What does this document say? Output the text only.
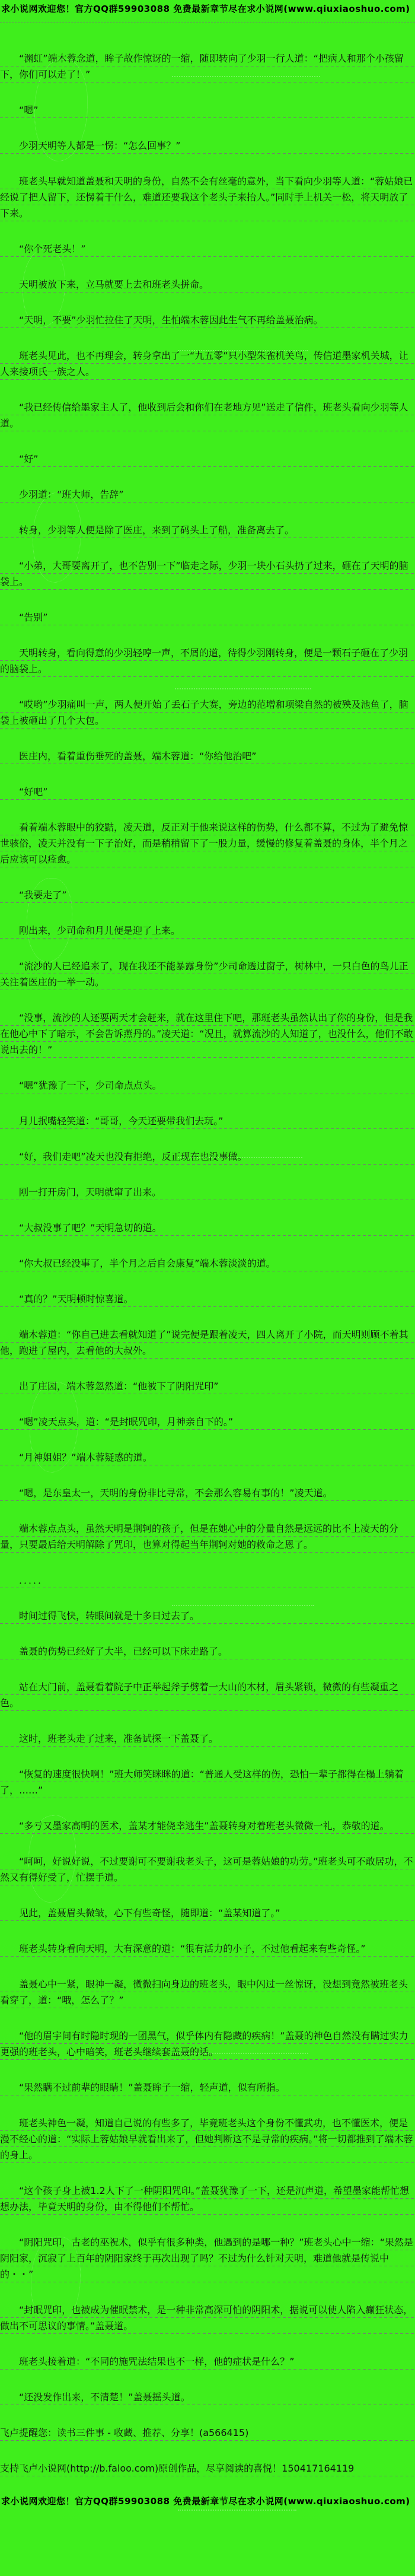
求小说网欢迎您！官方QQ群59903088 免费最新章节尽在求小说网(www.qiuxiaoshuo.com)

“渊虹”端木蓉念道，眸子故作惊讶的一缩，随即转向了少羽一行人道：“把病人和那个小孩留下，你们可以走了！”

“嗯”

少羽天明等人都是一愣：“怎么回事？”

班老头早就知道盖聂和天明的身份，自然不会有丝毫的意外，当下看向少羽等人道：“蓉姑娘已经说了把人留下，还愣着干什么，难道还要我这个老头子来抬人。”同时手上机关一松，将天明放了下来。

“你个死老头！”

天明被放下来，立马就要上去和班老头拼命。

“天明，不要”少羽忙拉住了天明，生怕端木蓉因此生气不再给盖聂治病。

班老头见此，也不再理会，转身拿出了一“九五零”只小型朱雀机关鸟，传信道墨家机关城，让人来接项氏一族之人。

“我已经传信给墨家主人了，他收到后会和你们在老地方见”送走了信件，班老头看向少羽等人道。

“好”

少羽道：“班大师，告辞”

转身，少羽等人便是除了医庄，来到了码头上了船，准备离去了。

“小弟，大哥要离开了，也不告别一下”临走之际，少羽一块小石头扔了过来，砸在了天明的脑袋上。

“告别”

天明转身，看向得意的少羽轻哼一声，不屑的道，待得少羽刚转身，便是一颗石子砸在了少羽的脑袋上。

“哎哟”少羽痛叫一声，两人便开始了丢石子大赛，旁边的范增和项梁自然的被殃及池鱼了，脑袋上被砸出了几个大包。

医庄内，看着重伤垂死的盖聂，端木蓉道：“你给他治吧”

“好吧”

看着端木蓉眼中的狡黠，凌天道，反正对于他来说这样的伤势，什么都不算，不过为了避免惊世骇俗，凌天并没有一下子治好，而是稍稍留下了一股力量，缓慢的修复着盖聂的身体，半个月之后应该可以痊愈。

“我要走了”

刚出来，少司命和月儿便是迎了上来。

“流沙的人已经追来了，现在我还不能暴露身份”少司命透过窗子，树林中，一只白色的鸟儿正关注着医庄的一举一动。

“没事，流沙的人还要两天才会赶来，就在这里住下吧，那班老头虽然认出了你的身份，但是我在他心中下了暗示，不会告诉燕丹的。”凌天道：“况且，就算流沙的人知道了，也没什么，他们不敢说出去的！”

“嗯”犹豫了一下，少司命点点头。

月儿抿嘴轻笑道：“哥哥，今天还要带我们去玩。”

“好，我们走吧”凌天也没有拒绝，反正现在也没事做。

刚一打开房门，天明就窜了出来。

“大叔没事了吧？”天明急切的道。

“你大叔已经没事了，半个月之后自会康复”端木蓉淡淡的道。

“真的？”天明顿时惊喜道。

端木蓉道：“你自己进去看就知道了”说完便是跟着凌天，四人离开了小院，而天明则顾不着其他，跑进了屋内，去看他的大叔外。

出了庄园，端木蓉忽然道：“他被下了阴阳咒印”

“嗯”凌天点头，道：“是封眠咒印，月神亲自下的。”

“月神姐姐？”端木蓉疑惑的道。

“嗯，是东皇太一，天明的身份非比寻常，不会那么容易有事的！”凌天道。

端木蓉点点头，虽然天明是荆轲的孩子，但是在她心中的分量自然是远远的比不上凌天的分量，只要最后给天明解除了咒印，也算对得起当年荆轲对她的救命之恩了。

．．．．．

时间过得飞快，转眼间就是十多日过去了。

盖聂的伤势已经好了大半，已经可以下床走路了。

站在大门前，盖聂看着院子中正举起斧子劈着一大山的木材，眉头紧锁，微微的有些凝重之色。

这时，班老头走了过来，准备试探一下盖聂了。

“恢复的速度很快啊！”班大师笑眯眯的道：“普通人受这样的伤，恐怕一辈子都得在榻上躺着了，……”

“多亏又墨家高明的医术，盖某才能侥幸逃生”盖聂转身对着班老头微微一礼，恭敬的道。

“呵呵，好说好说，不过要谢可不要谢我老头子，这可是蓉姑娘的功劳。”班老头可不敢居功，不然又有得好受了，忙摆手道。

见此，盖聂眉头微皱，心下有些奇怪，随即道：“盖某知道了。”

班老头转身看向天明，大有深意的道：“很有活力的小子，不过他看起来有些奇怪。”

盖聂心中一紧，眼神一凝，微微扫向身边的班老头，眼中闪过一丝惊讶，没想到竟然被班老头看穿了，道：“哦，怎么了？”

“他的眉宇间有时隐时现的一团黑气，似乎体内有隐藏的疾病！”盖聂的神色自然没有瞒过实力更强的班老头，心中暗笑，班老头继续套盖聂的话。

“果然瞒不过前辈的眼睛！”盖聂眸子一缩，轻声道，似有所指。

班老头神色一凝，知道自己说的有些多了，毕竟班老头这个身份不懂武功，也不懂医术，便是漫不经心的道：“实际上蓉姑娘早就看出来了，但她判断这不是寻常的疾病。”将一切都推到了端木蓉的身上。

“这个孩子身上被1.2人下了一种阴阳咒印。”盖聂犹豫了一下，还是沉声道，希望墨家能帮忙想想办法，毕竟天明的身份，由不得他们不帮忙。

“阴阳咒印，古老的巫祝术，似乎有很多种类，他遇到的是哪一种？”班老头心中一缩：“果然是阴阳家，沉寂了上百年的阴阳家终于再次出现了吗？不过为什么针对天明，难道他就是传说中的・・”

“封眠咒印，也被成为催眠禁术，是一种非常高深可怕的阴阳术，据说可以使人陷入癫狂状态，做出不可思议的事情。”盖聂道。

班老头接着道：“不同的施咒法结果也不一样，他的症状是什么？”

“还没发作出来，不清楚！”盖聂摇头道。

飞卢提醒您：读书三件事 - 收藏、推荐、分享！(a566415)

支持飞卢小说网(http://b.faloo.com)原创作品，尽享阅读的喜悦！150417164119

求小说网欢迎您！官方QQ群59903088 免费最新章节尽在求小说网(www.qiuxiaoshuo.com)
